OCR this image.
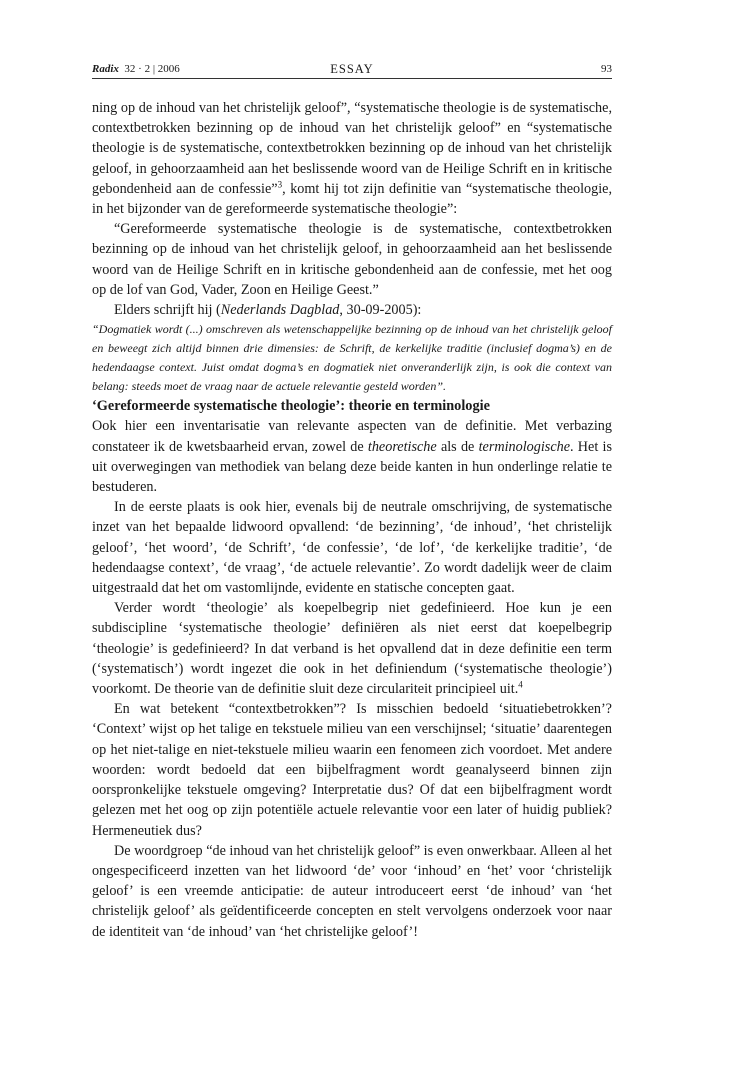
Radix 32 · 2 | 2006	ESSAY	93

ning op de inhoud van het christelijk geloof”, “systematische theologie is de systematische, contextbetrokken bezinning op de inhoud van het christelijk geloof” en “systematische theologie is de systematische, contextbetrokken bezinning op de inhoud van het christelijk geloof, in gehoorzaamheid aan het beslissende woord van de Heilige Schrift en in kritische gebondenheid aan de confessie”$^3$, komt hij tot zijn definitie van “systematische theologie, in het bijzonder van de gereformeerde systematische theologie”:

“Gereformeerde systematische theologie is de systematische, contextbetrokken bezinning op de inhoud van het christelijk geloof, in gehoorzaamheid aan het beslissende woord van de Heilige Schrift en in kritische gebondenheid aan de confessie, met het oog op de lof van God, Vader, Zoon en Heilige Geest.”

Elders schrijft hij (Nederlands Dagblad, 30-09-2005):

“Dogmatiek wordt (...) omschreven als wetenschappelijke bezinning op de inhoud van het christelijk geloof en beweegt zich altijd binnen drie dimensies: de Schrift, de kerkelijke traditie (inclusief dogma’s) en de hedendaagse context. Juist omdat dogma’s en dogmatiek niet onveranderlijk zijn, is ook die context van belang: steeds moet de vraag naar de actuele relevantie gesteld worden”.

‘Gereformeerde systematische theologie’: theorie en terminologie

Ook hier een inventarisatie van relevante aspecten van de definitie. Met verbazing constateer ik de kwetsbaarheid ervan, zowel de theoretische als de terminologische. Het is uit overwegingen van methodiek van belang deze beide kanten in hun onderlinge relatie te bestuderen.

In de eerste plaats is ook hier, evenals bij de neutrale omschrijving, de systematische inzet van het bepaalde lidwoord opvallend: ‘de bezinning’, ‘de inhoud’, ‘het christelijk geloof’, ‘het woord’, ‘de Schrift’, ‘de confessie’, ‘de lof’, ‘de kerkelijke traditie’, ‘de hedendaagse context’, ‘de vraag’, ‘de actuele relevantie’. Zo wordt dadelijk weer de claim uitgestraald dat het om vastomlijnde, evidente en statische concepten gaat.

Verder wordt ‘theologie’ als koepelbegrip niet gedefinieerd. Hoe kun je een subdiscipline ‘systematische theologie’ definiëren als niet eerst dat koepelbegrip ‘theologie’ is gedefinieerd? In dat verband is het opvallend dat in deze definitie een term (‘systematisch’) wordt ingezet die ook in het definiendum (‘systematische theologie’) voorkomt. De theorie van de definitie sluit deze circulariteit principieel uit.$^4$

En wat betekent “contextbetrokken”? Is misschien bedoeld ‘situatiebetrokken’? ‘Context’ wijst op het talige en tekstuele milieu van een verschijnsel; ‘situatie’ daarentegen op het niet-talige en niet-tekstuele milieu waarin een fenomeen zich voordoet. Met andere woorden: wordt bedoeld dat een bijbelfragment wordt geanalyseerd binnen zijn oorspronkelijke tekstuele omgeving? Interpretatie dus? Of dat een bijbelfragment wordt gelezen met het oog op zijn potentiële actuele relevantie voor een later of huidig publiek? Hermeneutiek dus?

De woordgroep “de inhoud van het christelijk geloof” is even onwerkbaar. Alleen al het ongespecificeerd inzetten van het lidwoord ‘de’ voor ‘inhoud’ en ‘het’ voor ‘christelijk geloof’ is een vreemde anticipatie: de auteur introduceert eerst ‘de inhoud’ van ‘het christelijk geloof’ als geïdentificeerde concepten en stelt vervolgens onderzoek voor naar de identiteit van ‘de inhoud’ van ‘het christelijke geloof’!
